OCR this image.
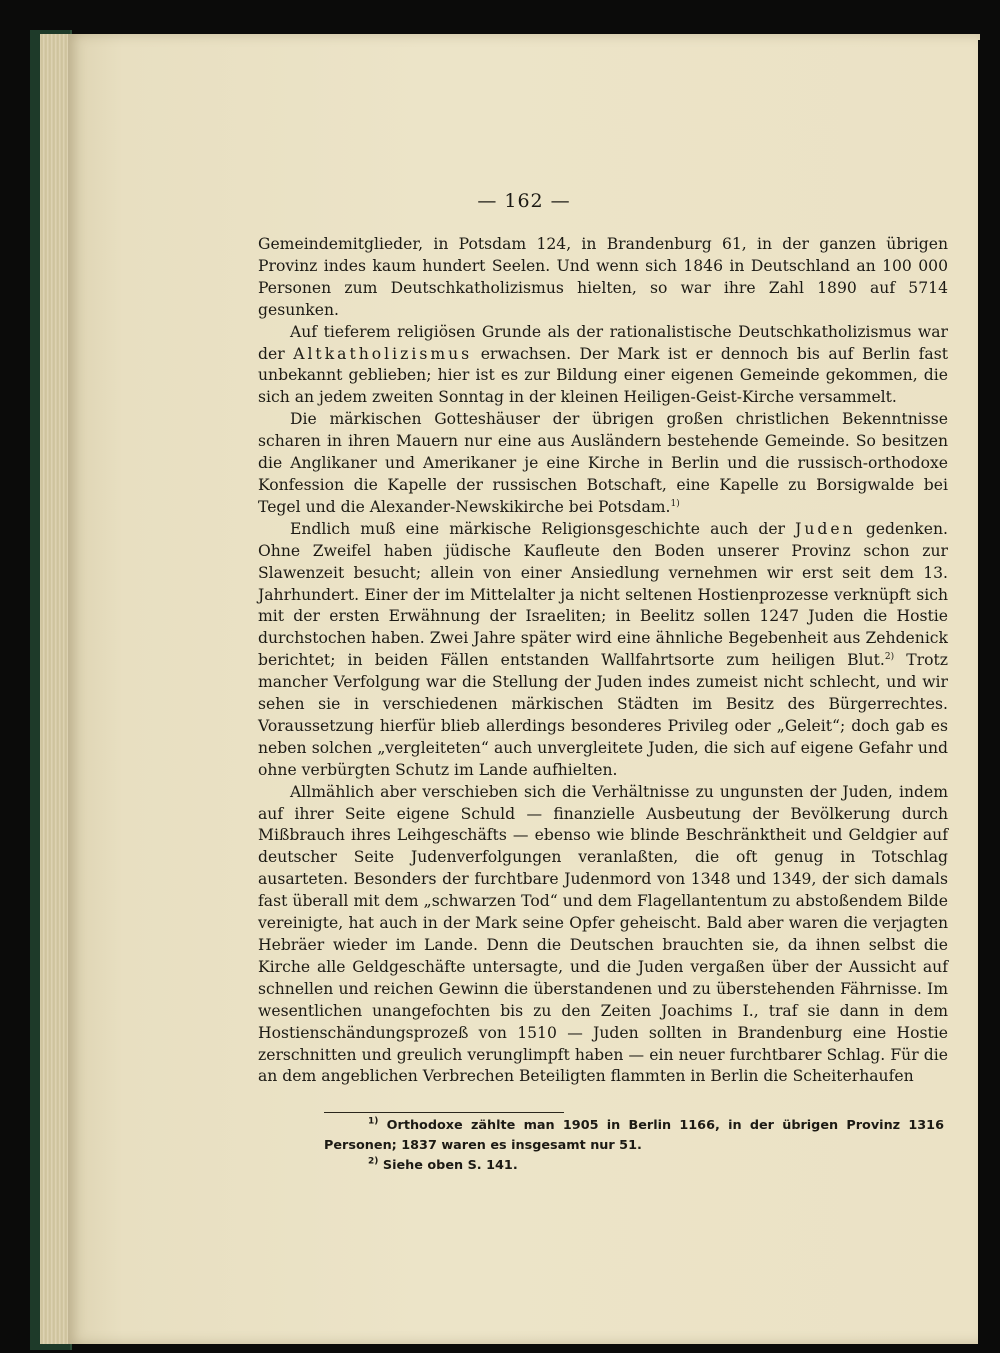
— 162 —

Gemeindemitglieder, in Potsdam 124, in Brandenburg 61, in der ganzen übrigen Provinz indes kaum hundert Seelen. Und wenn sich 1846 in Deutschland an 100 000 Personen zum Deutschkatholizismus hielten, so war ihre Zahl 1890 auf 5714 gesunken.

Auf tieferem religiösen Grunde als der rationalistische Deutschkatholizismus war der Altkatholizismus erwachsen. Der Mark ist er dennoch bis auf Berlin fast unbekannt geblieben; hier ist es zur Bildung einer eigenen Gemeinde gekommen, die sich an jedem zweiten Sonntag in der kleinen Heiligen-Geist-Kirche versammelt.

Die märkischen Gotteshäuser der übrigen großen christlichen Bekenntnisse scharen in ihren Mauern nur eine aus Ausländern bestehende Gemeinde. So besitzen die Anglikaner und Amerikaner je eine Kirche in Berlin und die russisch-orthodoxe Konfession die Kapelle der russischen Botschaft, eine Kapelle zu Borsigwalde bei Tegel und die Alexander-Newskikirche bei Potsdam.$^{1)}$

Endlich muß eine märkische Religionsgeschichte auch der Juden gedenken. Ohne Zweifel haben jüdische Kaufleute den Boden unserer Provinz schon zur Slawenzeit besucht; allein von einer Ansiedlung vernehmen wir erst seit dem 13. Jahrhundert. Einer der im Mittelalter ja nicht seltenen Hostienprozesse verknüpft sich mit der ersten Erwähnung der Israeliten; in Beelitz sollen 1247 Juden die Hostie durchstochen haben. Zwei Jahre später wird eine ähnliche Begebenheit aus Zehdenick berichtet; in beiden Fällen entstanden Wallfahrtsorte zum heiligen Blut.$^{2)}$ Trotz mancher Verfolgung war die Stellung der Juden indes zumeist nicht schlecht, und wir sehen sie in verschiedenen märkischen Städten im Besitz des Bürgerrechtes. Voraussetzung hierfür blieb allerdings besonderes Privileg oder „Geleit“; doch gab es neben solchen „vergleiteten“ auch unvergleitete Juden, die sich auf eigene Gefahr und ohne verbürgten Schutz im Lande aufhielten.

Allmählich aber verschieben sich die Verhältnisse zu ungunsten der Juden, indem auf ihrer Seite eigene Schuld — finanzielle Ausbeutung der Bevölkerung durch Mißbrauch ihres Leihgeschäfts — ebenso wie blinde Beschränktheit und Geldgier auf deutscher Seite Judenverfolgungen veranlaßten, die oft genug in Totschlag ausarteten. Besonders der furchtbare Judenmord von 1348 und 1349, der sich damals fast überall mit dem „schwarzen Tod“ und dem Flagellantentum zu abstoßendem Bilde vereinigte, hat auch in der Mark seine Opfer geheischt. Bald aber waren die verjagten Hebräer wieder im Lande. Denn die Deutschen brauchten sie, da ihnen selbst die Kirche alle Geldgeschäfte untersagte, und die Juden vergaßen über der Aussicht auf schnellen und reichen Gewinn die überstandenen und zu überstehenden Fährnisse. Im wesentlichen unangefochten bis zu den Zeiten Joachims I., traf sie dann in dem Hostienschändungsprozeß von 1510 — Juden sollten in Brandenburg eine Hostie zerschnitten und greulich verunglimpft haben — ein neuer furchtbarer Schlag. Für die an dem angeblichen Verbrechen Beteiligten flammten in Berlin die Scheiterhaufen

$^{1)}$ Orthodoxe zählte man 1905 in Berlin 1166, in der übrigen Provinz 1316 Personen; 1837 waren es insgesamt nur 51.

$^{2)}$ Siehe oben S. 141.
